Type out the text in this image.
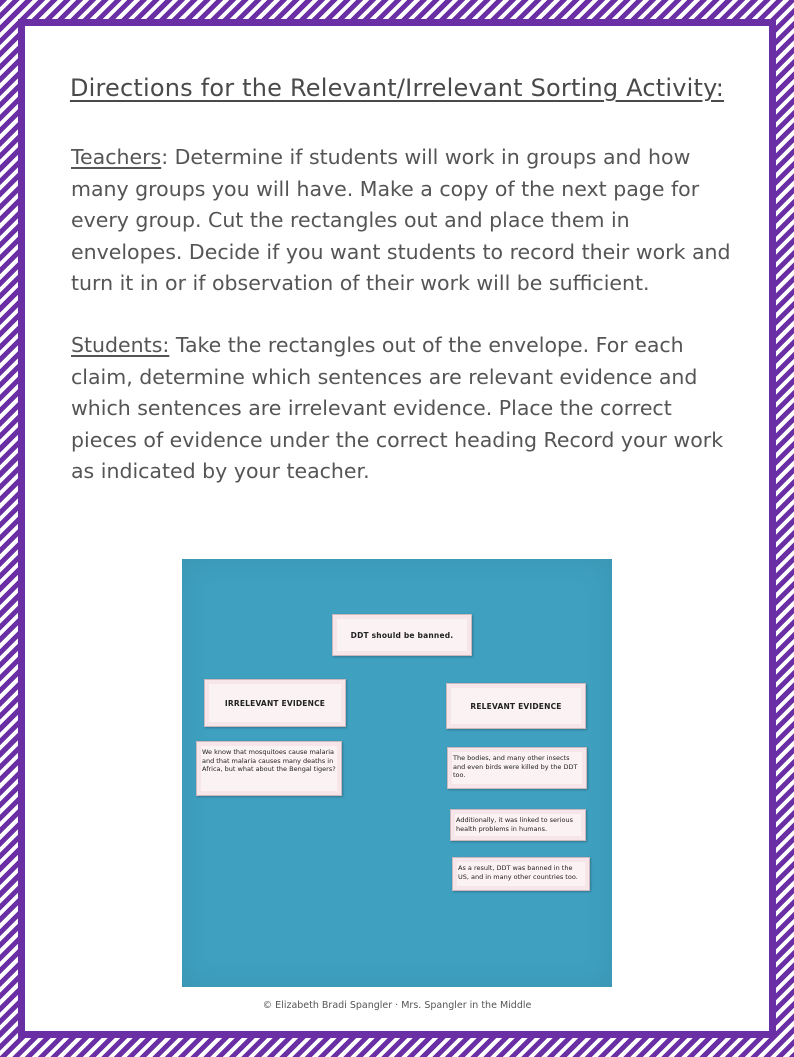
Directions for the Relevant/Irrelevant Sorting Activity:
Teachers: Determine if students will work in groups and how many groups you will have. Make a copy of the next page for every group. Cut the rectangles out and place them in envelopes. Decide if you want students to record their work and turn it in or if observation of their work will be sufficient.
Students: Take the rectangles out of the envelope. For each claim, determine which sentences are relevant evidence and which sentences are irrelevant evidence. Place the correct pieces of evidence under the correct heading Record your work as indicated by your teacher.
DDT should be banned.
IRRELEVANT EVIDENCE	RELEVANT EVIDENCE
We know that mosquitoes cause malaria and that malaria causes many deaths in Africa, but what about the Bengal tigers?
The bodies, and many other insects and even birds were killed by the DDT too.
Additionally, it was linked to serious health problems in humans.
As a result, DDT was banned in the US, and in many other countries too.
© Elizabeth Bradi Spangler · Mrs. Spangler in the Middle
